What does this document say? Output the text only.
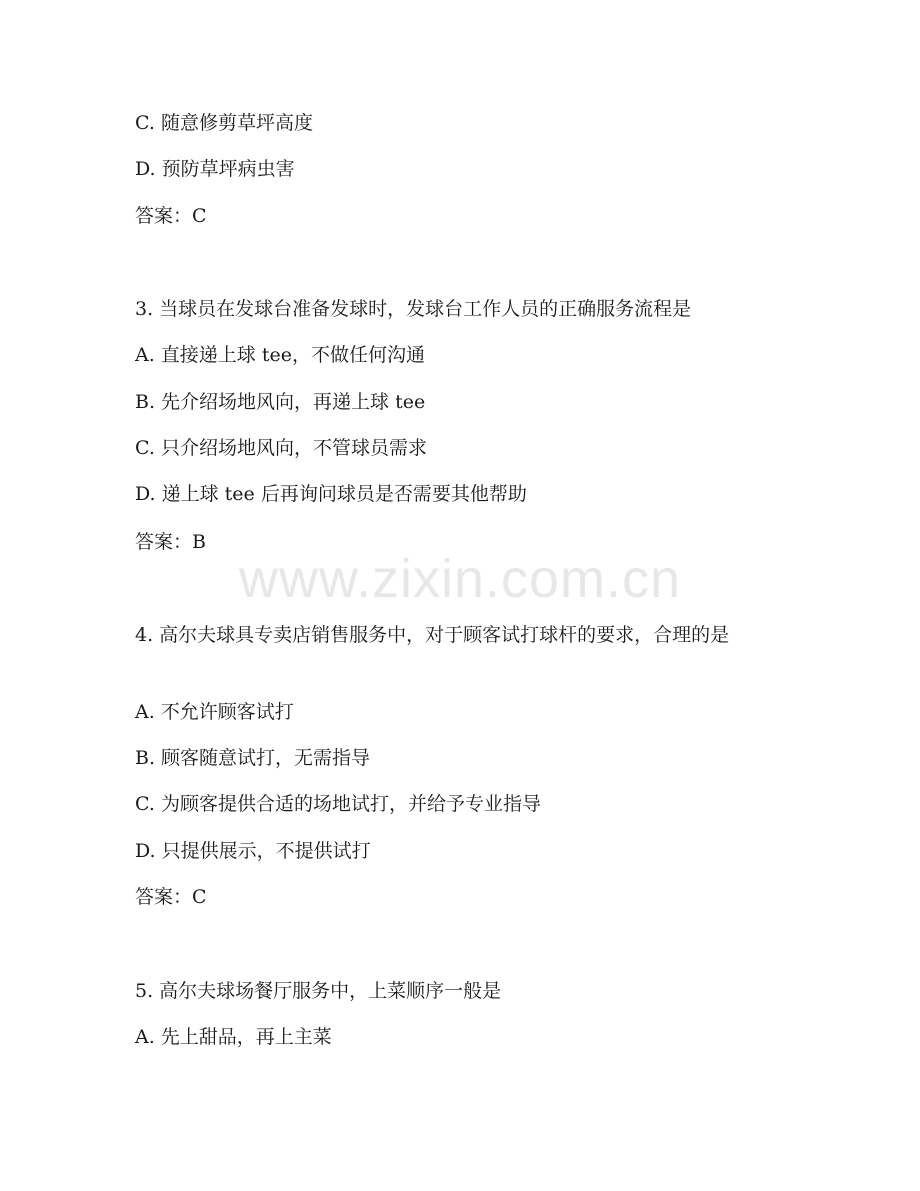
C. 随意修剪草坪高度
D. 预防草坪病虫害
答案：C
3. 当球员在发球台准备发球时，发球台工作人员的正确服务流程是
A. 直接递上球 tee，不做任何沟通
B. 先介绍场地风向，再递上球 tee
C. 只介绍场地风向，不管球员需求
D. 递上球 tee 后再询问球员是否需要其他帮助
答案：B
4. 高尔夫球具专卖店销售服务中，对于顾客试打球杆的要求，合理的是
A. 不允许顾客试打
B. 顾客随意试打，无需指导
C. 为顾客提供合适的场地试打，并给予专业指导
D. 只提供展示，不提供试打
答案：C
5. 高尔夫球场餐厅服务中，上菜顺序一般是
A. 先上甜品，再上主菜
www.zixin.com.cn
